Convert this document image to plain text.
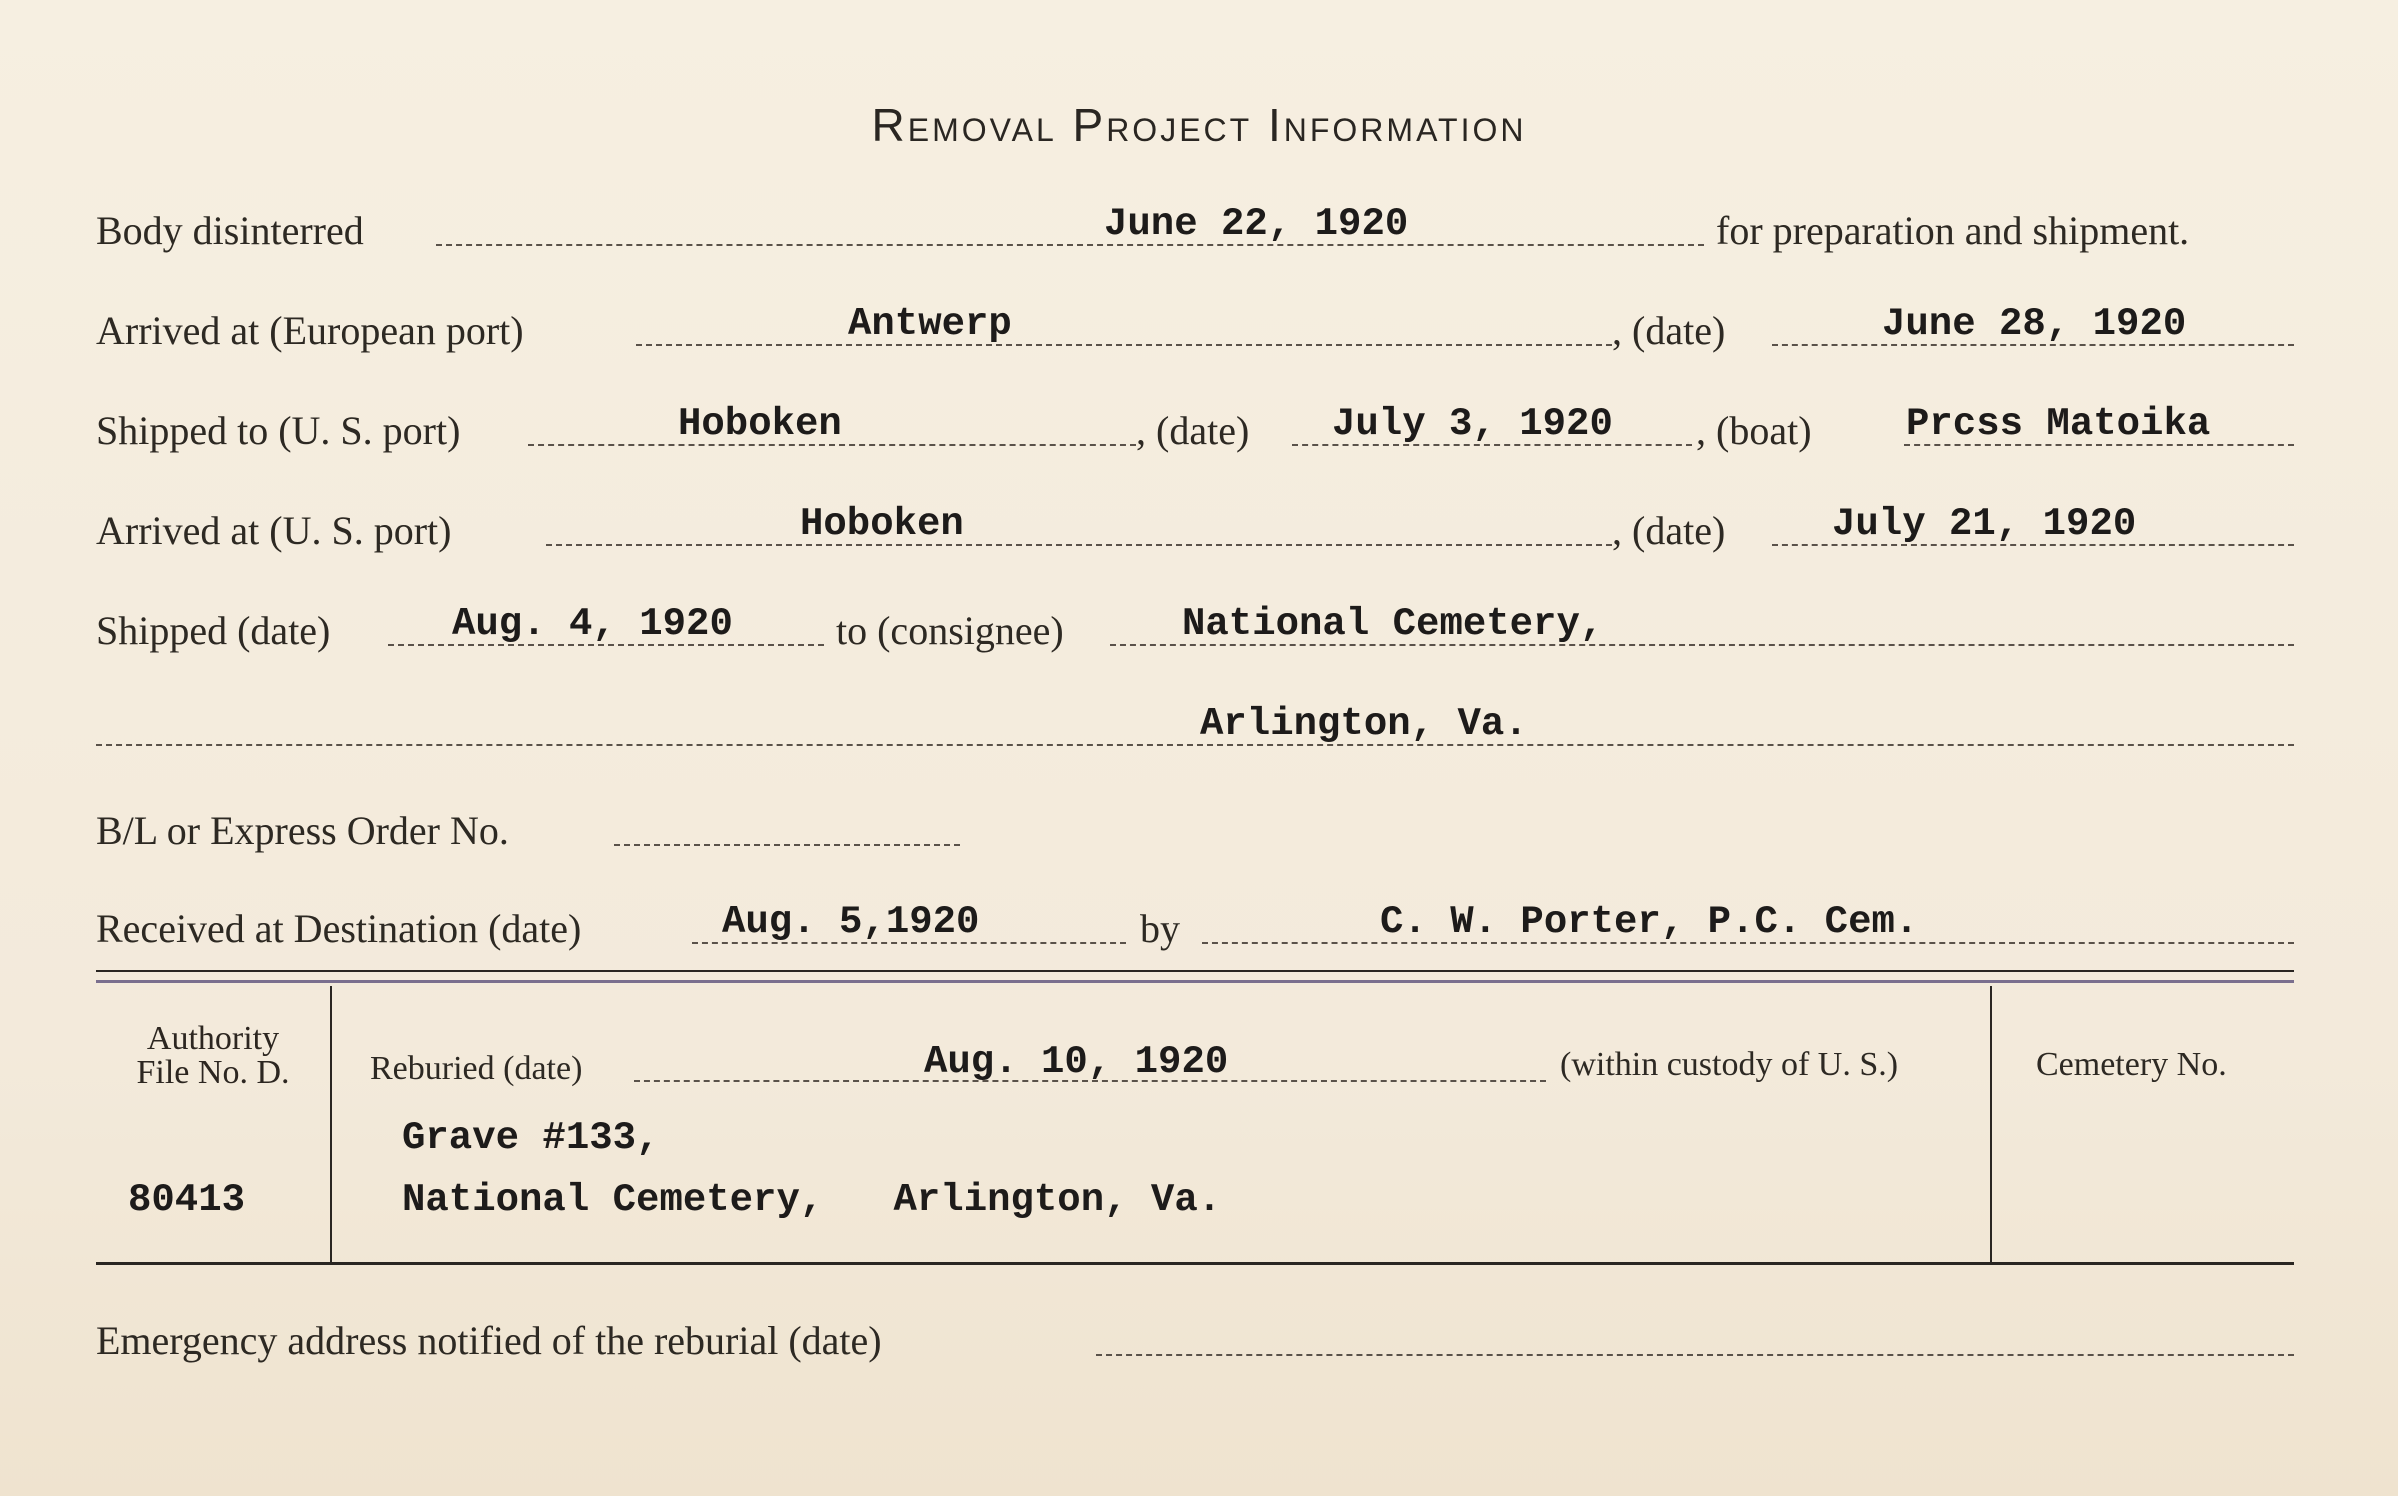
Removal Project Information
Body disinterred	June 22, 1920	for preparation and shipment.
Arrived at (European port)	Antwerp	, (date)	June 28, 1920
Shipped to (U. S. port)	Hoboken	, (date) July 3, 1920 , (boat) Prcss Matoika
Arrived at (U. S. port)	Hoboken	, (date)	July 21, 1920
Shipped (date)	Aug. 4, 1920	to (consignee)	National Cemetery,
Arlington, Va.
B/L or Express Order No.
Received at Destination (date)	Aug. 5,1920	by	C. W. Porter, P.C. Cem.
Authority
File No. D.
80413
Reburied (date)	Aug. 10, 1920	(within custody of U. S.)
Grave #133,
National Cemetery,   Arlington, Va.
Cemetery No.
Emergency address notified of the reburial (date)
